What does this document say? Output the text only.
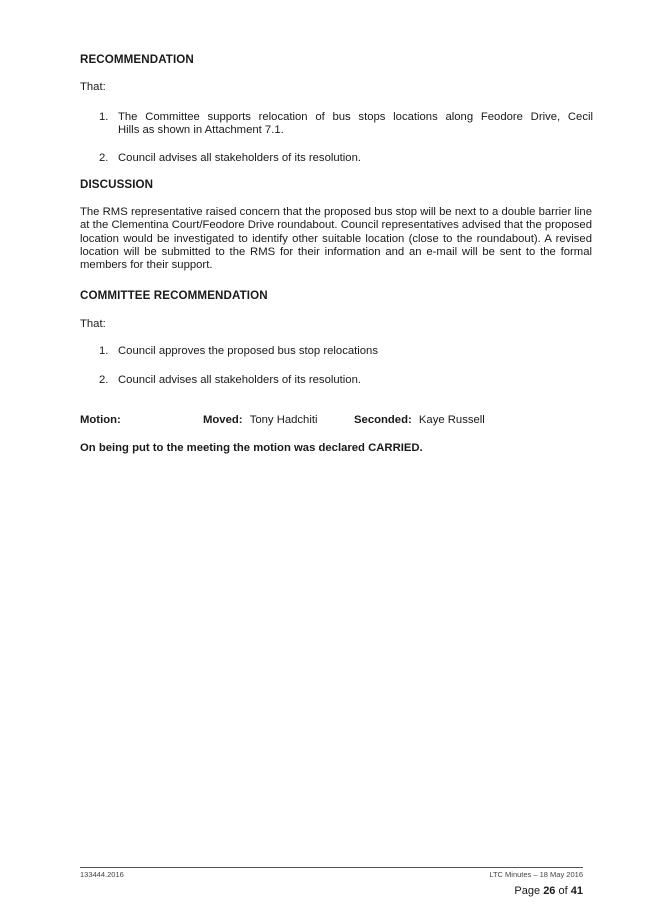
RECOMMENDATION
That:
1. The Committee supports relocation of bus stops locations along Feodore Drive, Cecil
Hills as shown in Attachment 7.1.
2. Council advises all stakeholders of its resolution.
DISCUSSION
The RMS representative raised concern that the proposed bus stop will be next to a double barrier line at the Clementina Court/Feodore Drive roundabout. Council representatives advised that the proposed location would be investigated to identify other suitable location (close to the roundabout). A revised location will be submitted to the RMS for their information and an e-mail will be sent to the formal members for their support.
COMMITTEE RECOMMENDATION
That:
1. Council approves the proposed bus stop relocations
2. Council advises all stakeholders of its resolution.
Motion:	Moved: Tony Hadchiti	Seconded: Kaye Russell
On being put to the meeting the motion was declared CARRIED.
133444.2016	LTC Minutes – 18 May 2016
Page 26 of 41
